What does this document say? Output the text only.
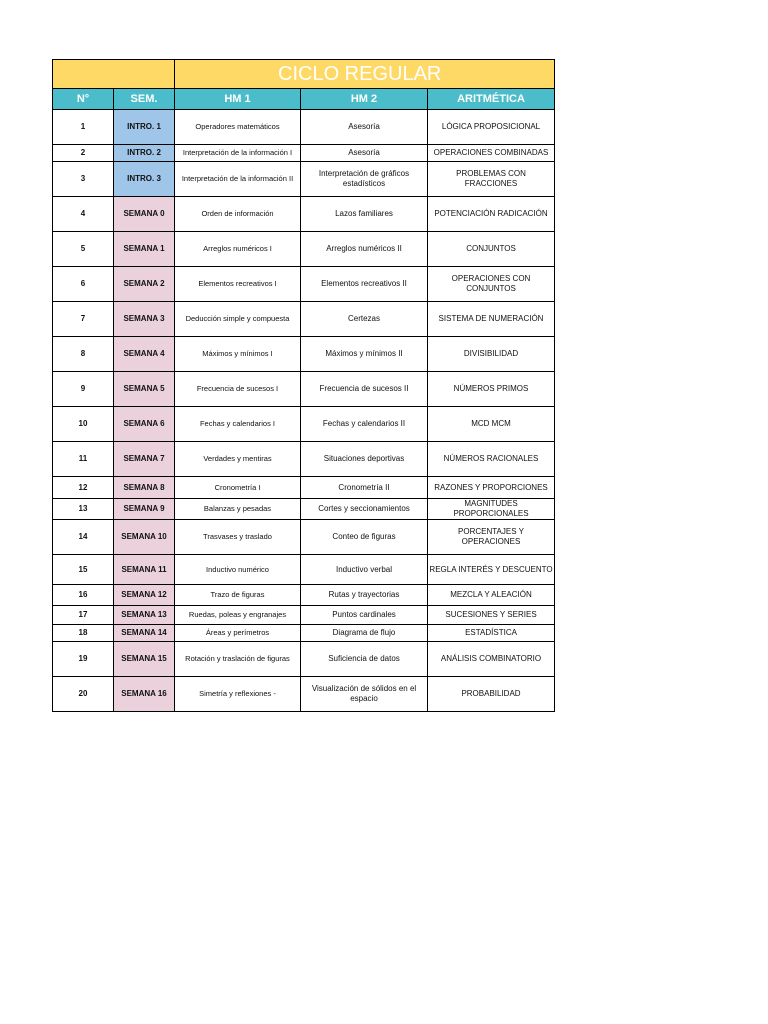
		CICLO REGULAR		
N°	SEM.	HM 1	HM 2	ARITMÉTICA
1	INTRO. 1	Operadores matemáticos	Asesoría	LÓGICA PROPOSICIONAL
2	INTRO. 2	Interpretación de la información I	Asesoría	OPERACIONES COMBINADAS
3	INTRO. 3	Interpretación de la información II	Interpretación de gráficos estadísticos	PROBLEMAS CON FRACCIONES
4	SEMANA 0	Orden de información	Lazos familiares	POTENCIACIÓN RADICACIÓN
5	SEMANA 1	Arreglos numéricos I	Arreglos numéricos II	CONJUNTOS
6	SEMANA 2	Elementos recreativos I	Elementos recreativos II	OPERACIONES CON CONJUNTOS
7	SEMANA 3	Deducción simple y compuesta	Certezas	SISTEMA DE NUMERACIÓN
8	SEMANA 4	Máximos y mínimos I	Máximos y mínimos II	DIVISIBILIDAD
9	SEMANA 5	Frecuencia de sucesos I	Frecuencia de sucesos II	NÚMEROS PRIMOS
10	SEMANA 6	Fechas y calendarios I	Fechas y calendarios II	MCD MCM
11	SEMANA 7	Verdades y mentiras	Situaciones deportivas	NÚMEROS RACIONALES
12	SEMANA 8	Cronometría I	Cronometría II	RAZONES Y PROPORCIONES
13	SEMANA 9	Balanzas y pesadas	Cortes y seccionamientos	MAGNITUDES PROPORCIONALES
14	SEMANA 10	Trasvases y traslado	Conteo de figuras	PORCENTAJES Y OPERACIONES
15	SEMANA 11	Inductivo numérico	Inductivo verbal	REGLA INTERÉS Y DESCUENTO
16	SEMANA 12	Trazo de figuras	Rutas y trayectorias	MEZCLA Y ALEACIÓN
17	SEMANA 13	Ruedas, poleas y engranajes	Puntos cardinales	SUCESIONES Y SERIES
18	SEMANA 14	Áreas y perímetros	Diagrama de flujo	ESTADÍSTICA
19	SEMANA 15	Rotación y traslación de figuras	Suficiencia de datos	ANÁLISIS COMBINATORIO
20	SEMANA 16	Simetría y reflexiones -	Visualización de sólidos en el espacio	PROBABILIDAD
